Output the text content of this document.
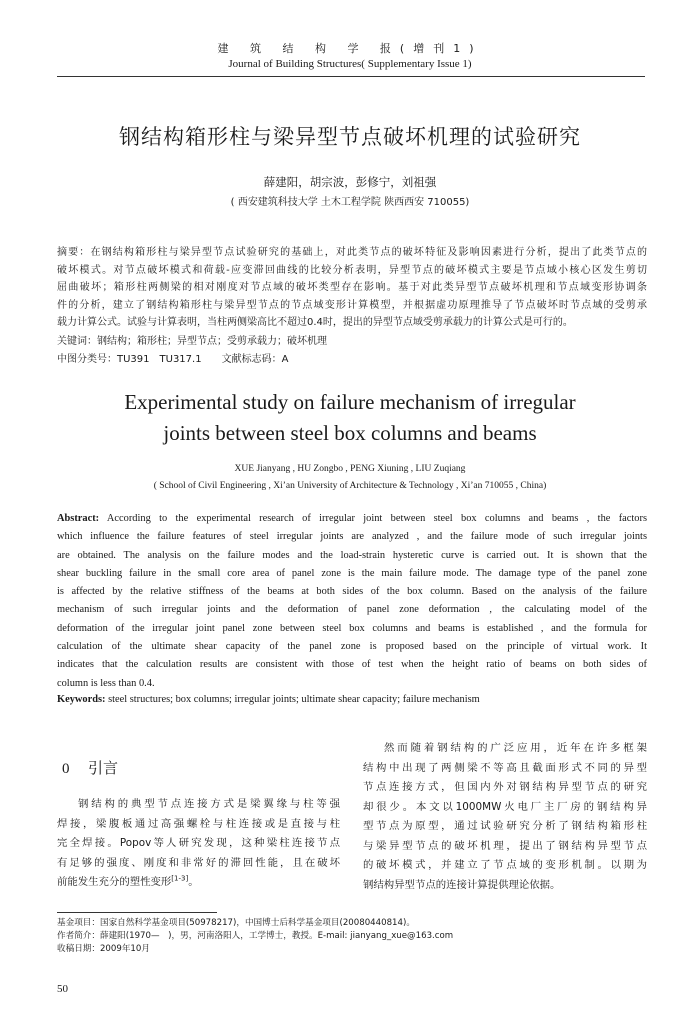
建 筑 结 构 学 报(增刊1)
Journal of Building Structures( Supplementary Issue 1)
钢结构箱形柱与梁异型节点破坏机理的试验研究
薛建阳，胡宗波，彭修宁，刘祖强
( 西安建筑科技大学 土木工程学院 陕西西安 710055)
摘要：在钢结构箱形柱与梁异型节点试验研究的基础上，对此类节点的破坏特征及影响因素进行分析，提出了此类节点的
破坏模式。对节点破坏模式和荷载-应变滞回曲线的比较分析表明，异型节点的破坏模式主要是节点域小核心区发生剪切
屈曲破坏；箱形柱两侧梁的相对刚度对节点域的破坏类型存在影响。基于对此类异型节点破坏机理和节点域变形协调条
件的分析，建立了钢结构箱形柱与梁异型节点的节点域变形计算模型，并根据虚功原理推导了节点破坏时节点域的受剪承
载力计算公式。试验与计算表明，当柱两侧梁高比不超过0.4时，提出的异型节点域受剪承载力的计算公式是可行的。
关键词：钢结构；箱形柱；异型节点；受剪承载力；破坏机理
中图分类号：TU391　TU317.1　　文献标志码：A
Experimental study on failure mechanism of irregular
joints between steel box columns and beams
XUE Jianyang , HU Zongbo , PENG Xiuning , LIU Zuqiang
( School of Civil Engineering , Xi’an University of Architecture & Technology , Xi’an 710055 , China)
Abstract: According to the experimental research of irregular joint between steel box columns and beams , the factors
which influence the failure features of steel irregular joints are analyzed , and the failure mode of such irregular joints
are obtained. The analysis on the failure modes and the load-strain hysteretic curve is carried out. It is shown that the
shear buckling failure in the small core area of panel zone is the main failure mode. The damage type of the panel zone
is affected by the relative stiffness of the beams at both sides of the box column. Based on the analysis of the failure
mechanism of such irregular joints and the deformation of panel zone deformation , the calculating model of the
deformation of the irregular joint panel zone between steel box columns and beams is established , and the formula for
calculation of the ultimate shear capacity of the panel zone is proposed based on the principle of virtual work. It
indicates that the calculation results are consistent with those of test when the height ratio of beams on both sides of
column is less than 0.4.
Keywords: steel structures; box columns; irregular joints; ultimate shear capacity; failure mechanism
0 引言
钢结构的典型节点连接方式是梁翼缘与柱等强
焊接，梁腹板通过高强螺栓与柱连接或是直接与柱
完全焊接。Popov等人研究发现，这种梁柱连接节点
有足够的强度、刚度和非常好的滞回性能，且在破坏
前能发生充分的塑性变形[1-3]。
然而随着钢结构的广泛应用，近年在许多框架
结构中出现了两侧梁不等高且截面形式不同的异型
节点连接方式，但国内外对钢结构异型节点的研究
却很少。本文以1000MW火电厂主厂房的钢结构异
型节点为原型，通过试验研究分析了钢结构箱形柱
与梁异型节点的破坏机理，提出了钢结构异型节点
的破坏模式，并建立了节点域的变形机制。以期为
钢结构异型节点的连接计算提供理论依据。
基金项目：国家自然科学基金项目(50978217)，中国博士后科学基金项目(20080440814)。
作者简介：薛建阳(1970—　)，男，河南洛阳人，工学博士，教授。E-mail: jianyang_xue@163.com
收稿日期：2009年10月
50
